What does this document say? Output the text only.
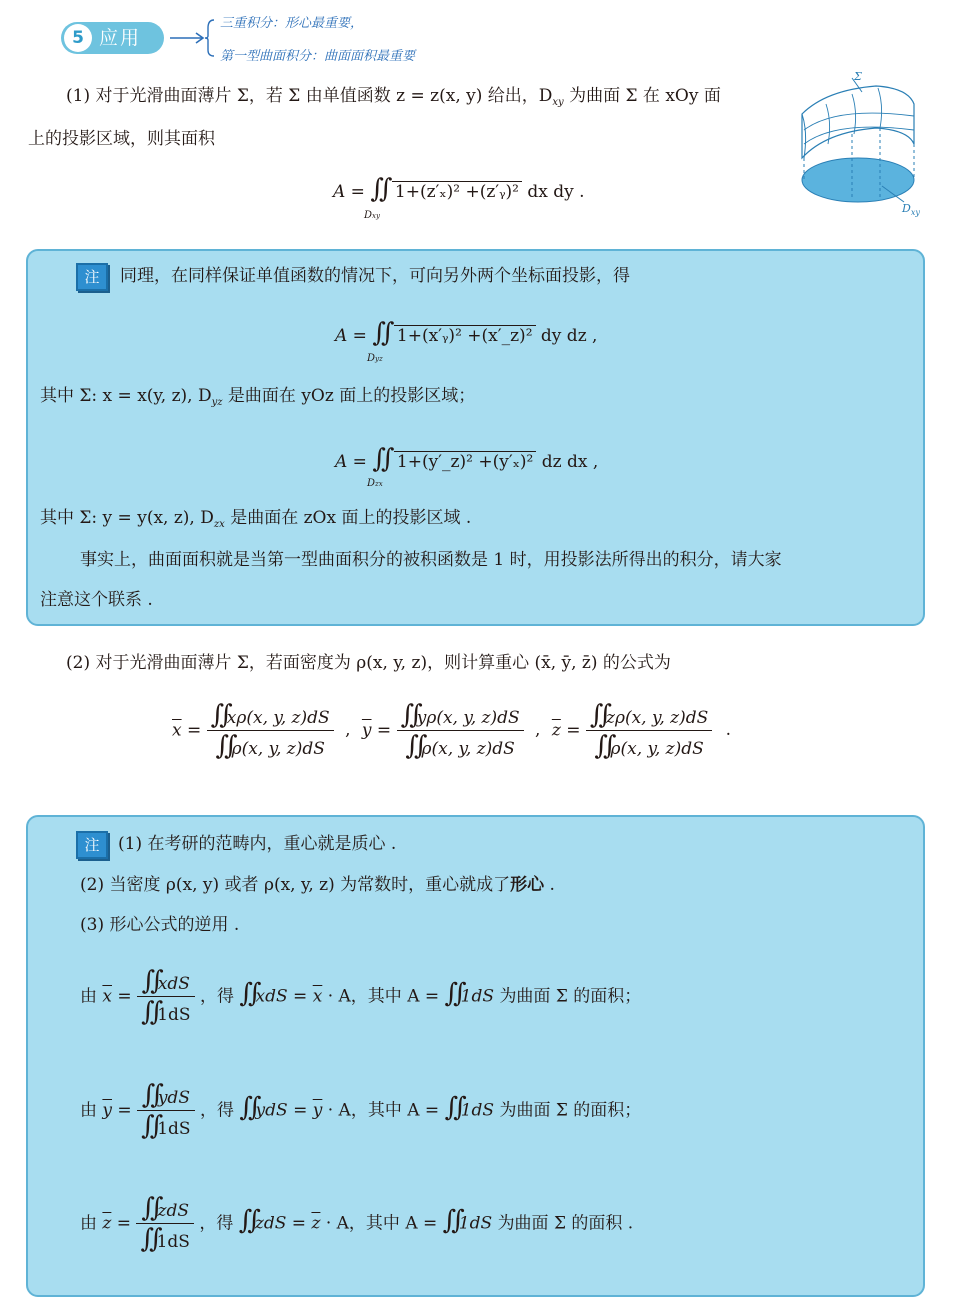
5 应用
三重积分：形心最重要，
第一型曲面积分：曲面面积最重要
(1) 对于光滑曲面薄片 Σ，若 Σ 由单值函数 z = z(x, y) 给出，$D_{xy}$ 为曲面 Σ 在 xOy 面
上的投影区域，则其面积
A = ∬ 1+(z′ₓ)² +(z′ᵧ)² dx dy .
Dxy
Σ
$D_{xy}$
注	同理，在同样保证单值函数的情况下，可向另外两个坐标面投影，得
A = ∬ 1+(x′ᵧ)² +(x′_z)² dy dz ,
Dyz
其中 Σ: x = x(y, z), $D_{yz}$ 是曲面在 yOz 面上的投影区域；
A = ∬ 1+(y′_z)² +(y′ₓ)² dz dx ,
Dzx
其中 Σ: y = y(x, z), $D_{zx}$ 是曲面在 zOx 面上的投影区域 .
事实上，曲面面积就是当第一型曲面积分的被积函数是 1 时，用投影法所得出的积分，请大家
注意这个联系 .
(2) 对于光滑曲面薄片 Σ，若面密度为 ρ(x, y, z)，则计算重心 (x̄, ȳ, z̄) 的公式为
$\overline{x} = \frac{∬x\rho(x, y, z)dS}{∬\rho(x, y, z)dS}$ , $\overline{y} = \frac{∬y\rho(x, y, z)dS}{∬\rho(x, y, z)dS}$ , $\overline{z} = \frac{∬z\rho(x, y, z)dS}{∬\rho(x, y, z)dS}$ .
注	(1) 在考研的范畴内，重心就是质心 .
(2) 当密度 ρ(x, y) 或者 ρ(x, y, z) 为常数时，重心就成了形心 .
(3) 形心公式的逆用 .
由 $\overline{x} = \frac{\text{∬xdS}}{∬1dS}$ ，得 ∬xdS = $\overline{x} \cdot A$，其中 A = ∬1dS 为曲面 Σ 的面积；
由 $\overline{y} = \frac{\text{∬ydS}}{∬1dS}$ ，得 ∬ydS = $\overline{y} \cdot A$，其中 A = ∬1dS 为曲面 Σ 的面积；
由 $\overline{z} = \frac{\text{∬zdS}}{∬1dS}$ ，得 ∬zdS = $\overline{z} \cdot A$，其中 A = ∬1dS 为曲面 Σ 的面积 .
